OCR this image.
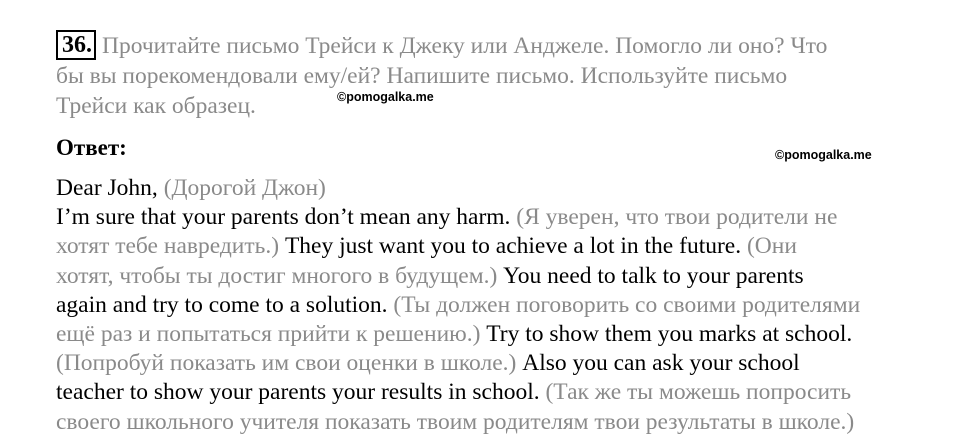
36. Прочитайте письмо Трейси к Джеку или Анджеле. Помогло ли оно? Что
бы вы порекомендовали ему/ей? Напишите письмо. Используйте письмо
Трейси как образец.	©pomogalka.me
©pomogalka.me
Ответ:
Dear John, (Дорогой Джон)
I’m sure that your parents don’t mean any harm. (Я уверен, что твои родители не
хотят тебе навредить.) They just want you to achieve a lot in the future. (Они
хотят, чтобы ты достиг многого в будущем.) You need to talk to your parents
again and try to come to a solution. (Ты должен поговорить со своими родителями
ещё раз и попытаться прийти к решению.) Try to show them you marks at school.
(Попробуй показать им свои оценки в школе.) Also you can ask your school
teacher to show your parents your results in school. (Так же ты можешь попросить
своего школьного учителя показать твоим родителям твои результаты в школе.)
